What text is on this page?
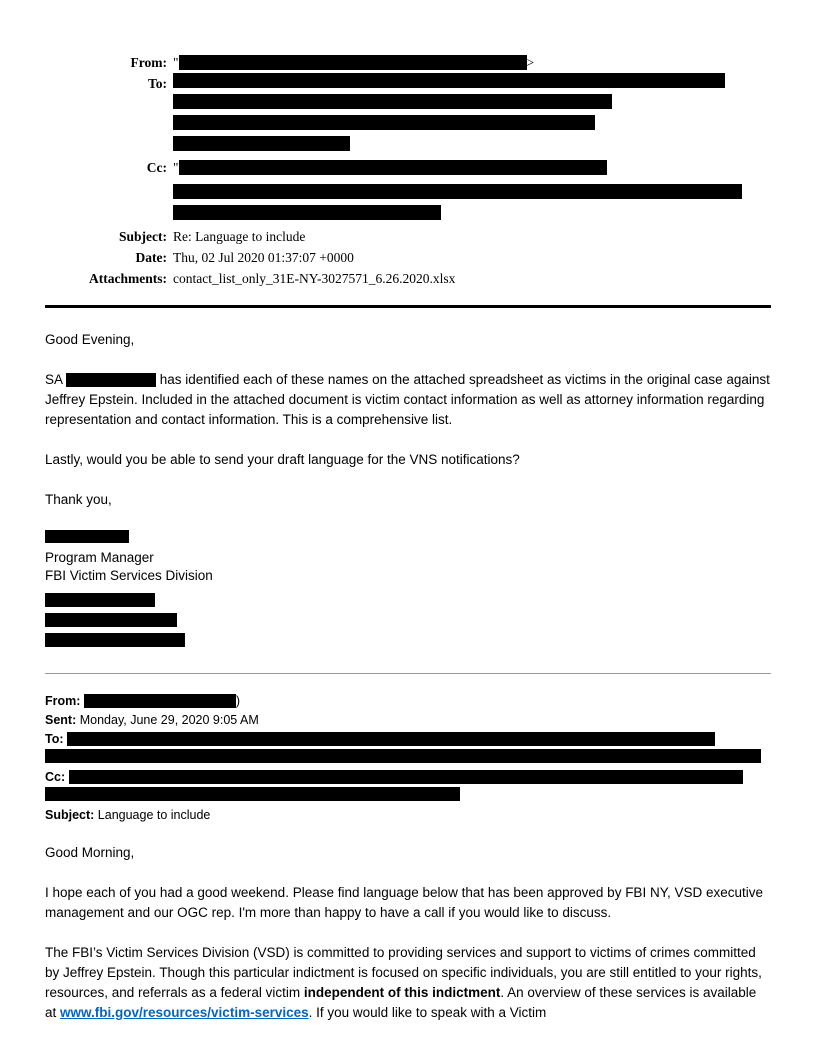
From: "	>
To:
Cc: "
Subject: Re: Language to include
Date: Thu, 02 Jul 2020 01:37:07 +0000
Attachments: contact_list_only_31E-NY-3027571_6.26.2020.xlsx

Good Evening,

SA	has identified each of these names on the attached spreadsheet as victims in the original case against Jeffrey Epstein. Included in the attached document is victim contact information as well as attorney information regarding representation and contact information. This is a comprehensive list.

Lastly, would you be able to send your draft language for the VNS notifications?

Thank you,

Program Manager

FBI Victim Services Division

From:	)
Sent: Monday, June 29, 2020 9:05 AM
To:
Cc:
Subject: Language to include

Good Morning,

I hope each of you had a good weekend. Please find language below that has been approved by FBI NY, VSD executive management and our OGC rep. I'm more than happy to have a call if you would like to discuss.

The FBI’s Victim Services Division (VSD) is committed to providing services and support to victims of crimes committed by Jeffrey Epstein. Though this particular indictment is focused on specific individuals, you are still entitled to your rights, resources, and referrals as a federal victim independent of this indictment. An overview of these services is available at www.fbi.gov/resources/victim-services. If you would like to speak with a Victim
